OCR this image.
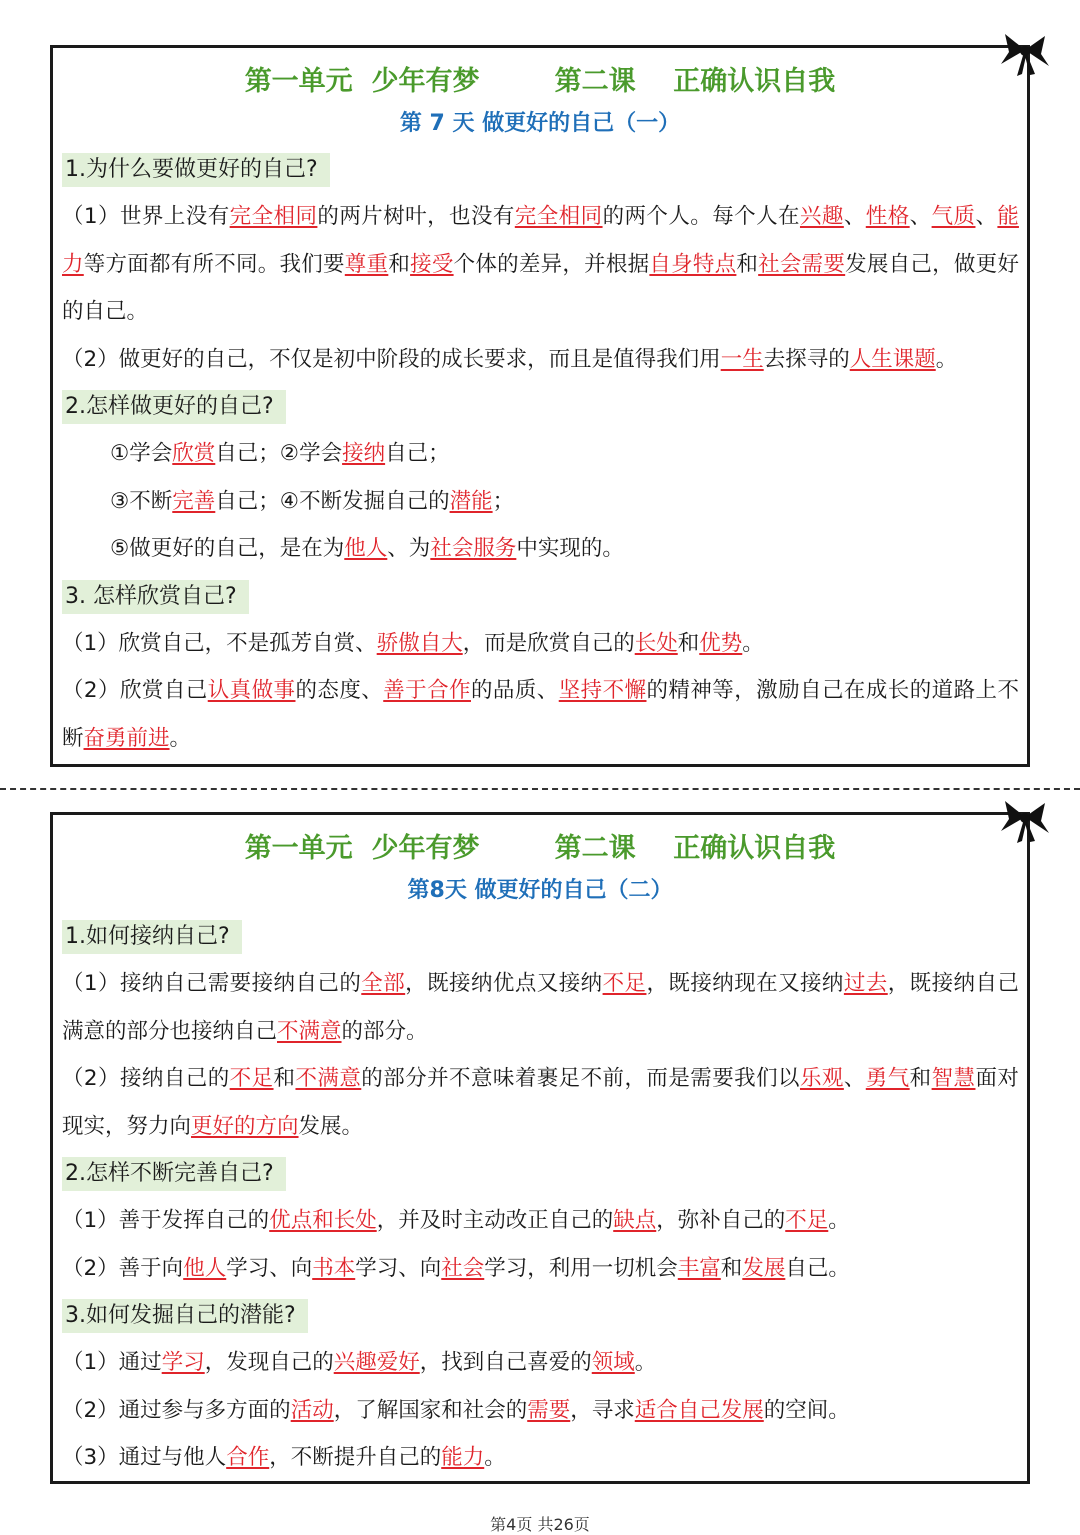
第一单元  少年有梦        第二课    正确认识自我
第 7 天 做更好的自己（一）
1.为什么要做更好的自己?

（1）世界上没有完全相同的两片树叶，也没有完全相同的两个人。每个人在兴趣、性格、气质、能力等方面都有所不同。我们要尊重和接受个体的差异，并根据自身特点和社会需要发展自己，做更好的自己。

（2）做更好的自己，不仅是初中阶段的成长要求，而且是值得我们用一生去探寻的人生课题。

2.怎样做更好的自己?

①学会欣赏自己；②学会接纳自己；

③不断完善自己；④不断发掘自己的潜能；

⑤做更好的自己，是在为他人、为社会服务中实现的。

3. 怎样欣赏自己?

（1）欣赏自己，不是孤芳自赏、骄傲自大，而是欣赏自己的长处和优势。

（2）欣赏自己认真做事的态度、善于合作的品质、坚持不懈的精神等，激励自己在成长的道路上不断奋勇前进。

第一单元  少年有梦        第二课    正确认识自我
第8天 做更好的自己（二）
1.如何接纳自己?

（1）接纳自己需要接纳自己的全部，既接纳优点又接纳不足，既接纳现在又接纳过去，既接纳自己满意的部分也接纳自己不满意的部分。

（2）接纳自己的不足和不满意的部分并不意味着裹足不前，而是需要我们以乐观、勇气和智慧面对现实，努力向更好的方向发展。

2.怎样不断完善自己?

（1）善于发挥自己的优点和长处，并及时主动改正自己的缺点，弥补自己的不足。

（2）善于向他人学习、向书本学习、向社会学习，利用一切机会丰富和发展自己。

3.如何发掘自己的潜能?

（1）通过学习，发现自己的兴趣爱好，找到自己喜爱的领域。

（2）通过参与多方面的活动，了解国家和社会的需要，寻求适合自己发展的空间。

（3）通过与他人合作，不断提升自己的能力。

第4页 共26页
